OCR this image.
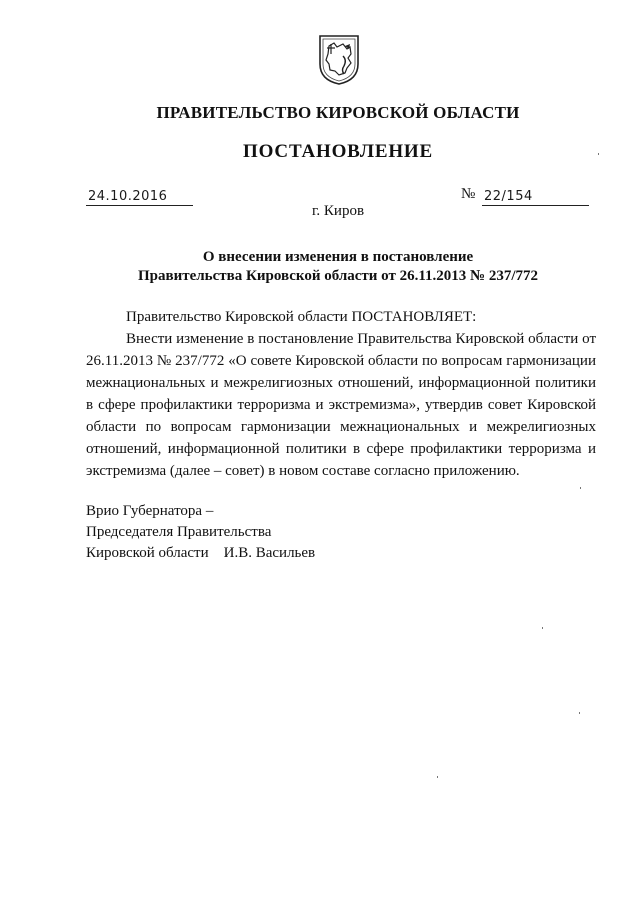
ПРАВИТЕЛЬСТВО КИРОВСКОЙ ОБЛАСТИ
ПОСТАНОВЛЕНИЕ
24.10.2016	№ 22/154
г. Киров
О внесении изменения в постановление
Правительства Кировской области от 26.11.2013 № 237/772

Правительство Кировской области ПОСТАНОВЛЯЕТ:

Внести изменение в постановление Правительства Кировской области от 26.11.2013 № 237/772 «О совете Кировской области по вопросам гармонизации межнациональных и межрелигиозных отношений, информационной политики в сфере профилактики терроризма и экстремизма», утвердив совет Кировской области по вопросам гармонизации межнациональных и межрелигиозных отношений, информационной политики в сфере профилактики терроризма и экстремизма (далее – совет) в новом составе согласно приложению.

Врио Губернатора –
Председателя Правительства
Кировской области    И.В. Васильев
